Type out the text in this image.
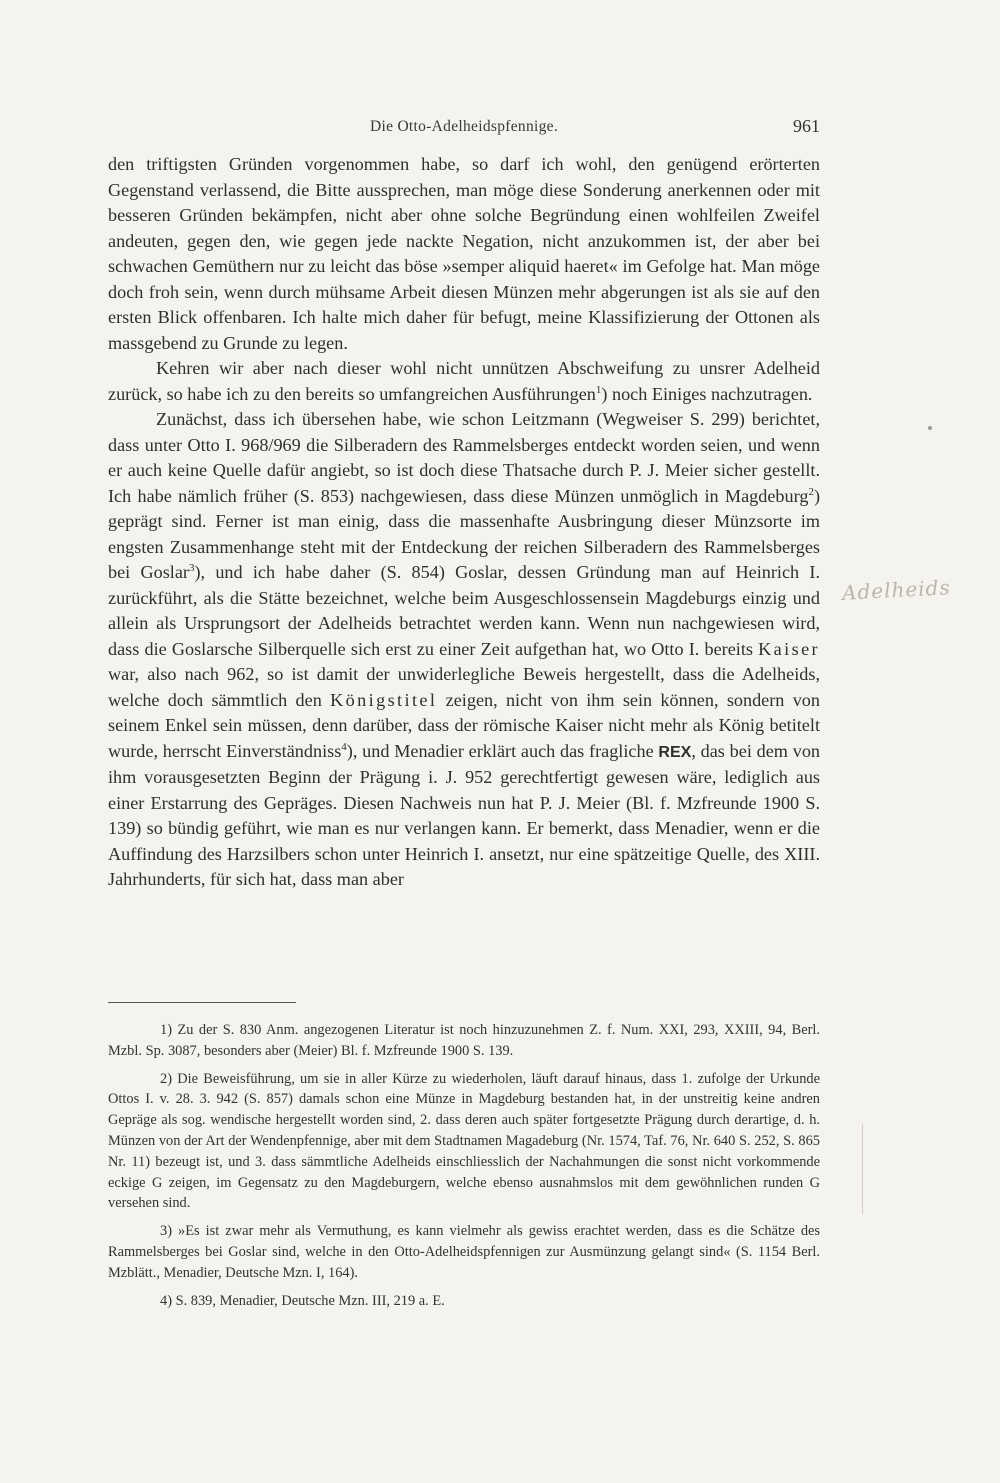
Die Otto-Adelheidspfennige.	961

den triftigsten Gründen vorgenommen habe, so darf ich wohl, den genügend erörterten Gegenstand verlassend, die Bitte aussprechen, man möge diese Sonderung anerkennen oder mit besseren Gründen bekämpfen, nicht aber ohne solche Begründung einen wohlfeilen Zweifel andeuten, gegen den, wie gegen jede nackte Negation, nicht anzukommen ist, der aber bei schwachen Gemüthern nur zu leicht das böse »semper aliquid haeret« im Gefolge hat. Man möge doch froh sein, wenn durch mühsame Arbeit diesen Münzen mehr abgerungen ist als sie auf den ersten Blick offenbaren. Ich halte mich daher für befugt, meine Klassifizierung der Ottonen als massgebend zu Grunde zu legen.

Kehren wir aber nach dieser wohl nicht unnützen Abschweifung zu unsrer Adelheid zurück, so habe ich zu den bereits so umfangreichen Ausführungen$^1$) noch Einiges nachzutragen.

Zunächst, dass ich übersehen habe, wie schon Leitzmann (Wegweiser S. 299) berichtet, dass unter Otto I. 968/969 die Silberadern des Rammelsberges entdeckt worden seien, und wenn er auch keine Quelle dafür angiebt, so ist doch diese Thatsache durch P. J. Meier sicher gestellt. Ich habe nämlich früher (S. 853) nachgewiesen, dass diese Münzen unmöglich in Magdeburg$^2$) geprägt sind. Ferner ist man einig, dass die massenhafte Ausbringung dieser Münzsorte im engsten Zusammenhange steht mit der Entdeckung der reichen Silberadern des Rammelsberges bei Goslar$^3$), und ich habe daher (S. 854) Goslar, dessen Gründung man auf Heinrich I. zurückführt, als die Stätte bezeichnet, welche beim Ausgeschlossensein Magdeburgs einzig und allein als Ursprungsort der Adelheids betrachtet werden kann. Wenn nun nachgewiesen wird, dass die Goslarsche Silberquelle sich erst zu einer Zeit aufgethan hat, wo Otto I. bereits Kaiser war, also nach 962, so ist damit der unwiderlegliche Beweis hergestellt, dass die Adelheids, welche doch sämmtlich den Königstitel zeigen, nicht von ihm sein können, sondern von seinem Enkel sein müssen, denn darüber, dass der römische Kaiser nicht mehr als König betitelt wurde, herrscht Einverständniss$^4$), und Menadier erklärt auch das fragliche REX, das bei dem von ihm vorausgesetzten Beginn der Prägung i. J. 952 gerechtfertigt gewesen wäre, lediglich aus einer Erstarrung des Gepräges. Diesen Nachweis nun hat P. J. Meier (Bl. f. Mzfreunde 1900 S. 139) so bündig geführt, wie man es nur verlangen kann. Er bemerkt, dass Menadier, wenn er die Auffindung des Harzsilbers schon unter Heinrich I. ansetzt, nur eine spätzeitige Quelle, des XIII. Jahrhunderts, für sich hat, dass man aber

1) Zu der S. 830 Anm. angezogenen Literatur ist noch hinzuzunehmen Z. f. Num. XXI, 293, XXIII, 94, Berl. Mzbl. Sp. 3087, besonders aber (Meier) Bl. f. Mzfreunde 1900 S. 139.

2) Die Beweisführung, um sie in aller Kürze zu wiederholen, läuft darauf hinaus, dass 1. zufolge der Urkunde Ottos I. v. 28. 3. 942 (S. 857) damals schon eine Münze in Magdeburg bestanden hat, in der unstreitig keine andren Gepräge als sog. wendische hergestellt worden sind, 2. dass deren auch später fortgesetzte Prägung durch derartige, d. h. Münzen von der Art der Wendenpfennige, aber mit dem Stadtnamen Magadeburg (Nr. 1574, Taf. 76, Nr. 640 S. 252, S. 865 Nr. 11) bezeugt ist, und 3. dass sämmtliche Adelheids einschliesslich der Nachahmungen die sonst nicht vorkommende eckige G zeigen, im Gegensatz zu den Magdeburgern, welche ebenso ausnahmslos mit dem gewöhnlichen runden G versehen sind.

3) »Es ist zwar mehr als Vermuthung, es kann vielmehr als gewiss erachtet werden, dass es die Schätze des Rammelsberges bei Goslar sind, welche in den Otto-Adelheidspfennigen zur Ausmünzung gelangt sind« (S. 1154 Berl. Mzblätt., Menadier, Deutsche Mzn. I, 164).

4) S. 839, Menadier, Deutsche Mzn. III, 219 a. E.

Adelheids
